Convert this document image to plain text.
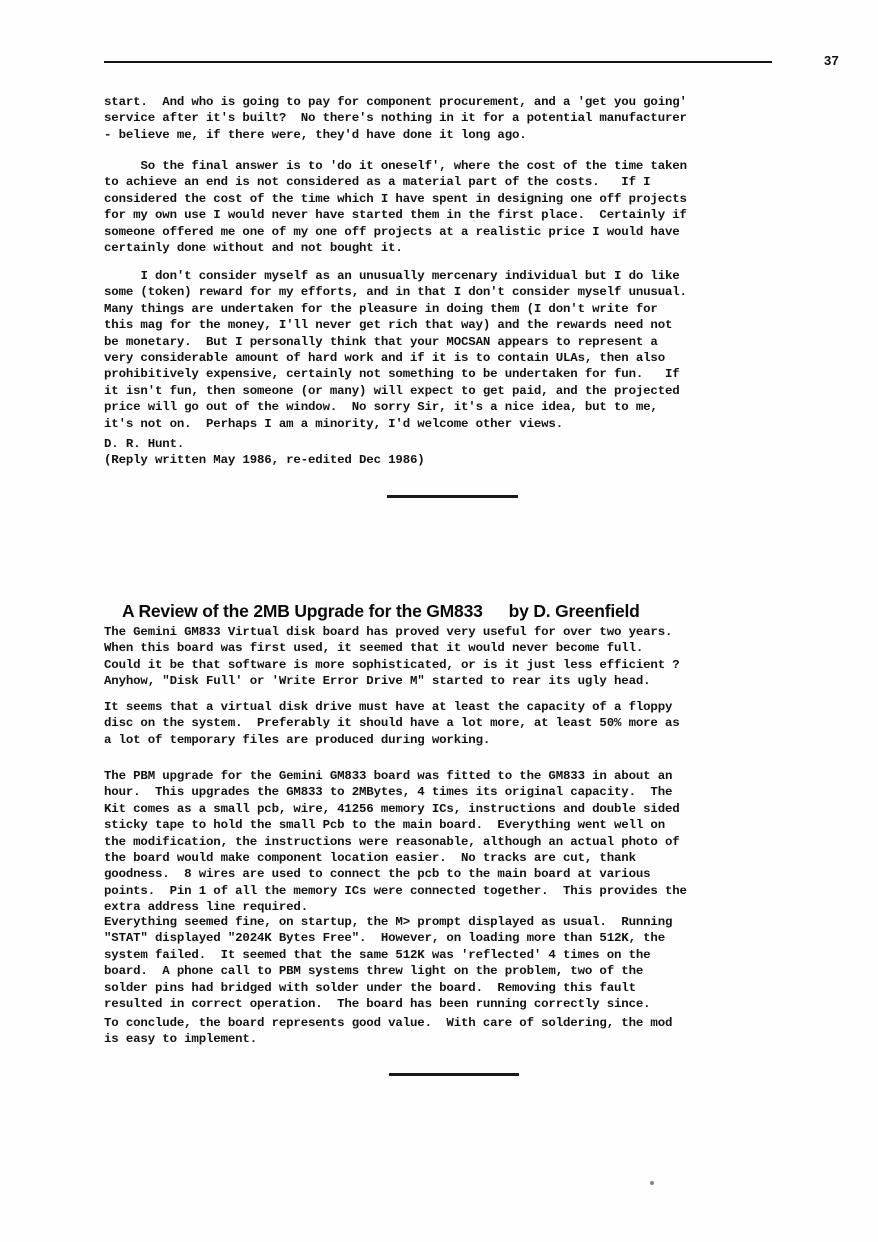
37
start.  And who is going to pay for component procurement, and a 'get you going'
service after it's built?  No there's nothing in it for a potential manufacturer
- believe me, if there were, they'd have done it long ago.
So the final answer is to 'do it oneself', where the cost of the time taken
to achieve an end is not considered as a material part of the costs.   If I
considered the cost of the time which I have spent in designing one off projects
for my own use I would never have started them in the first place.  Certainly if
someone offered me one of my one off projects at a realistic price I would have
certainly done without and not bought it.
I don't consider myself as an unusually mercenary individual but I do like
some (token) reward for my efforts, and in that I don't consider myself unusual.
Many things are undertaken for the pleasure in doing them (I don't write for
this mag for the money, I'll never get rich that way) and the rewards need not
be monetary.  But I personally think that your MOCSAN appears to represent a
very considerable amount of hard work and if it is to contain ULAs, then also
prohibitively expensive, certainly not something to be undertaken for fun.   If
it isn't fun, then someone (or many) will expect to get paid, and the projected
price will go out of the window.  No sorry Sir, it's a nice idea, but to me,
it's not on.  Perhaps I am a minority, I'd welcome other views.
D. R. Hunt.
(Reply written May 1986, re-edited Dec 1986)

A Review of the 2MB Upgrade for the GM833 by D. Greenfield

The Gemini GM833 Virtual disk board has proved very useful for over two years.
When this board was first used, it seemed that it would never become full.
Could it be that software is more sophisticated, or is it just less efficient ?
Anyhow, "Disk Full' or 'Write Error Drive M" started to rear its ugly head.
It seems that a virtual disk drive must have at least the capacity of a floppy
disc on the system.  Preferably it should have a lot more, at least 50% more as
a lot of temporary files are produced during working.
The PBM upgrade for the Gemini GM833 board was fitted to the GM833 in about an
hour.  This upgrades the GM833 to 2MBytes, 4 times its original capacity.  The
Kit comes as a small pcb, wire, 41256 memory ICs, instructions and double sided
sticky tape to hold the small Pcb to the main board.  Everything went well on
the modification, the instructions were reasonable, although an actual photo of
the board would make component location easier.  No tracks are cut, thank
goodness.  8 wires are used to connect the pcb to the main board at various
points.  Pin 1 of all the memory ICs were connected together.  This provides the
extra address line required.
Everything seemed fine, on startup, the M> prompt displayed as usual.  Running
"STAT" displayed "2024K Bytes Free".  However, on loading more than 512K, the
system failed.  It seemed that the same 512K was 'reflected' 4 times on the
board.  A phone call to PBM systems threw light on the problem, two of the
solder pins had bridged with solder under the board.  Removing this fault
resulted in correct operation.  The board has been running correctly since.
To conclude, the board represents good value.  With care of soldering, the mod
is easy to implement.
